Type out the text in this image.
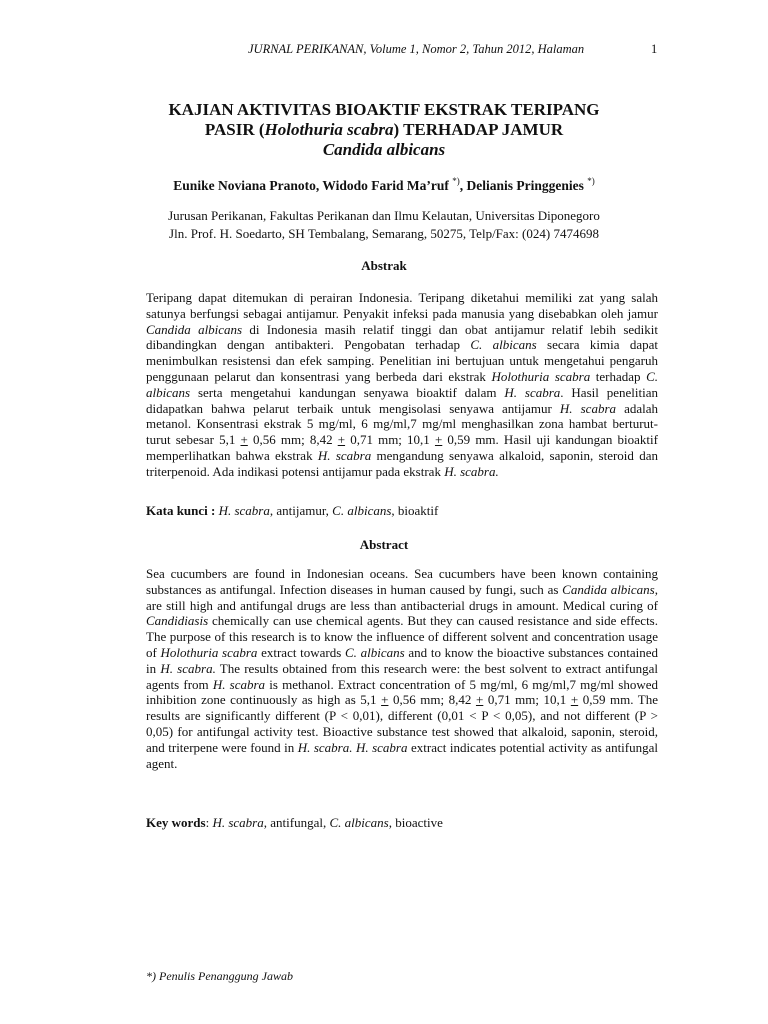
JURNAL PERIKANAN, Volume 1, Nomor 2, Tahun 2012, Halaman	1
KAJIAN AKTIVITAS BIOAKTIF EKSTRAK TERIPANG
PASIR (Holothuria scabra) TERHADAP JAMUR
Candida albicans
Eunike Noviana Pranoto, Widodo Farid Ma’ruf *), Delianis Pringgenies *)
Jurusan Perikanan, Fakultas Perikanan dan Ilmu Kelautan, Universitas Diponegoro
Jln. Prof. H. Soedarto, SH Tembalang, Semarang, 50275, Telp/Fax: (024) 7474698
Abstrak
Teripang dapat ditemukan di perairan Indonesia. Teripang diketahui memiliki zat yang salah satunya berfungsi sebagai antijamur. Penyakit infeksi pada manusia yang disebabkan oleh jamur Candida albicans di Indonesia masih relatif tinggi dan obat antijamur relatif lebih sedikit dibandingkan dengan antibakteri. Pengobatan terhadap C. albicans secara kimia dapat menimbulkan resistensi dan efek samping. Penelitian ini bertujuan untuk mengetahui pengaruh penggunaan pelarut dan konsentrasi yang berbeda dari ekstrak Holothuria scabra terhadap C. albicans serta mengetahui kandungan senyawa bioaktif dalam H. scabra. Hasil penelitian didapatkan bahwa pelarut terbaik untuk mengisolasi senyawa antijamur H. scabra adalah metanol. Konsentrasi ekstrak 5 mg/ml, 6 mg/ml,7 mg/ml menghasilkan zona hambat berturut-turut sebesar 5,1 + 0,56 mm; 8,42 + 0,71 mm; 10,1 + 0,59 mm. Hasil uji kandungan bioaktif memperlihatkan bahwa ekstrak H. scabra mengandung senyawa alkaloid, saponin, steroid dan triterpenoid. Ada indikasi potensi antijamur pada ekstrak H. scabra.
Kata kunci : H. scabra, antijamur, C. albicans, bioaktif
Abstract
Sea cucumbers are found in Indonesian oceans. Sea cucumbers have been known containing substances as antifungal. Infection diseases in human caused by fungi, such as Candida albicans, are still high and antifungal drugs are less than antibacterial drugs in amount. Medical curing of Candidiasis chemically can use chemical agents. But they can caused resistance and side effects. The purpose of this research is to know the influence of different solvent and concentration usage of Holothuria scabra extract towards C. albicans and to know the bioactive substances contained in H. scabra. The results obtained from this research were: the best solvent to extract antifungal agents from H. scabra is methanol. Extract concentration of 5 mg/ml, 6 mg/ml,7 mg/ml showed inhibition zone continuously as high as 5,1 + 0,56 mm; 8,42 + 0,71 mm; 10,1 + 0,59 mm. The results are significantly different (P < 0,01), different (0,01 < P < 0,05), and not different (P > 0,05) for antifungal activity test. Bioactive substance test showed that alkaloid, saponin, steroid, and triterpene were found in H. scabra. H. scabra extract indicates potential activity as antifungal agent.
Key words: H. scabra, antifungal, C. albicans, bioactive
*) Penulis Penanggung Jawab
